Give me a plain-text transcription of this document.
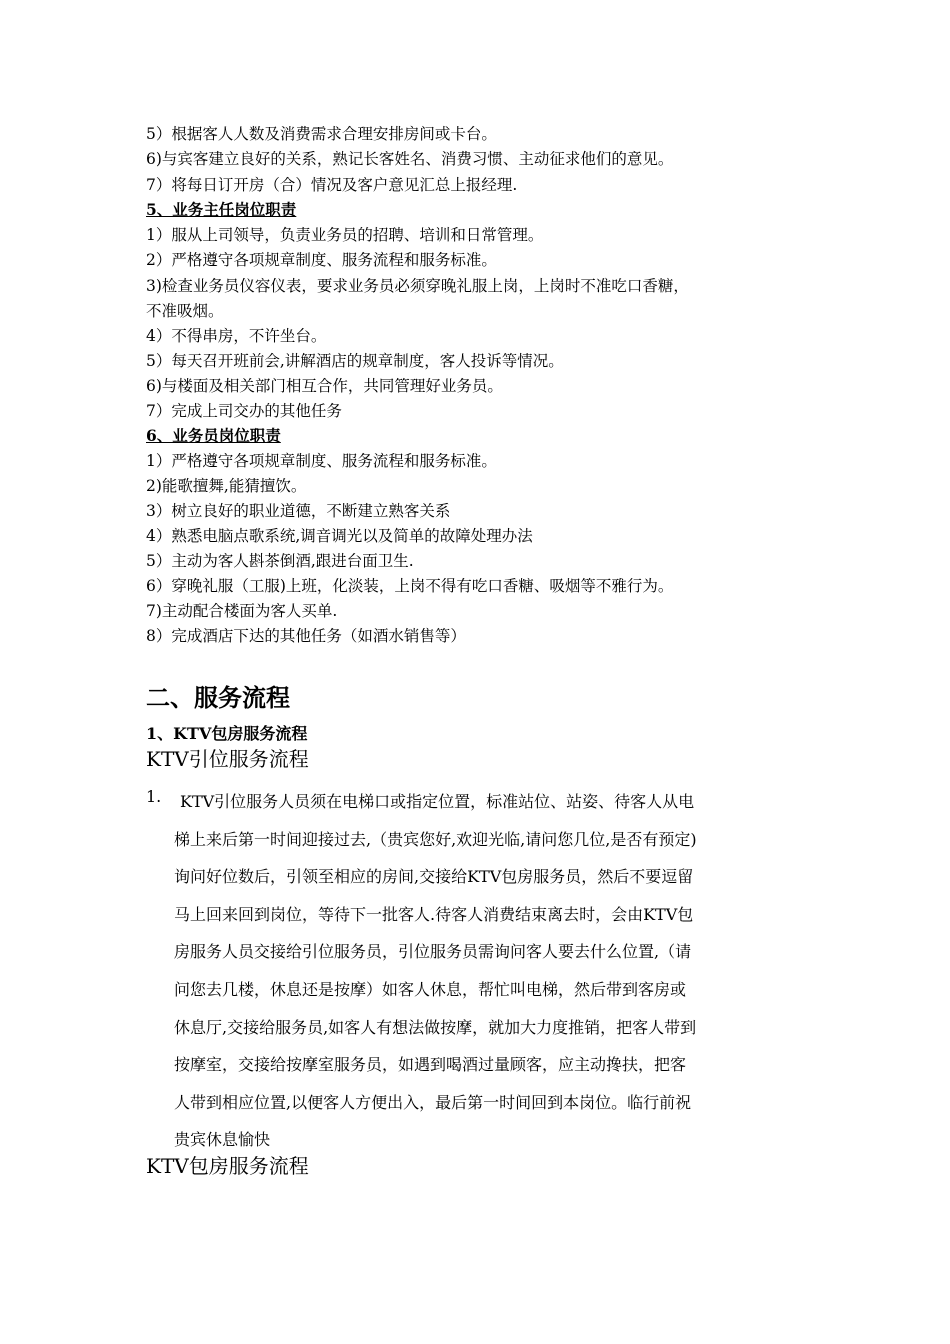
5）根据客人人数及消费需求合理安排房间或卡台。
6)与宾客建立良好的关系，熟记长客姓名、消费习惯、主动征求他们的意见。
7）将每日订开房（合）情况及客户意见汇总上报经理.
5、业务主任岗位职责
1）服从上司领导，负责业务员的招聘、培训和日常管理。
2）严格遵守各项规章制度、服务流程和服务标准。
3)检查业务员仪容仪表，要求业务员必须穿晚礼服上岗，上岗时不准吃口香糖，
不准吸烟。
4）不得串房，不许坐台。
5）每天召开班前会,讲解酒店的规章制度，客人投诉等情况。
6)与楼面及相关部门相互合作，共同管理好业务员。
7）完成上司交办的其他任务
6、业务员岗位职责
1）严格遵守各项规章制度、服务流程和服务标准。
2)能歌擅舞,能猜擅饮。
3）树立良好的职业道德，不断建立熟客关系
4）熟悉电脑点歌系统,调音调光以及简单的故障处理办法
5）主动为客人斟茶倒酒,跟进台面卫生.
6）穿晚礼服（工服)上班，化淡装，上岗不得有吃口香糖、吸烟等不雅行为。
7)主动配合楼面为客人买单.
8）完成酒店下达的其他任务（如酒水销售等）
二、服务流程
1、KTV包房服务流程
KTV引位服务流程
1. KTV引位服务人员须在电梯口或指定位置，标准站位、站姿、待客人从电
梯上来后第一时间迎接过去,（贵宾您好,欢迎光临,请问您几位,是否有预定)
询问好位数后，引领至相应的房间,交接给KTV包房服务员，然后不要逗留
马上回来回到岗位，等待下一批客人.待客人消费结束离去时，会由KTV包
房服务人员交接给引位服务员，引位服务员需询问客人要去什么位置,（请
问您去几楼，休息还是按摩）如客人休息，帮忙叫电梯，然后带到客房或
休息厅,交接给服务员,如客人有想法做按摩，就加大力度推销，把客人带到
按摩室，交接给按摩室服务员，如遇到喝酒过量顾客，应主动搀扶，把客
人带到相应位置,以便客人方便出入，最后第一时间回到本岗位。临行前祝
贵宾休息愉快
KTV包房服务流程
